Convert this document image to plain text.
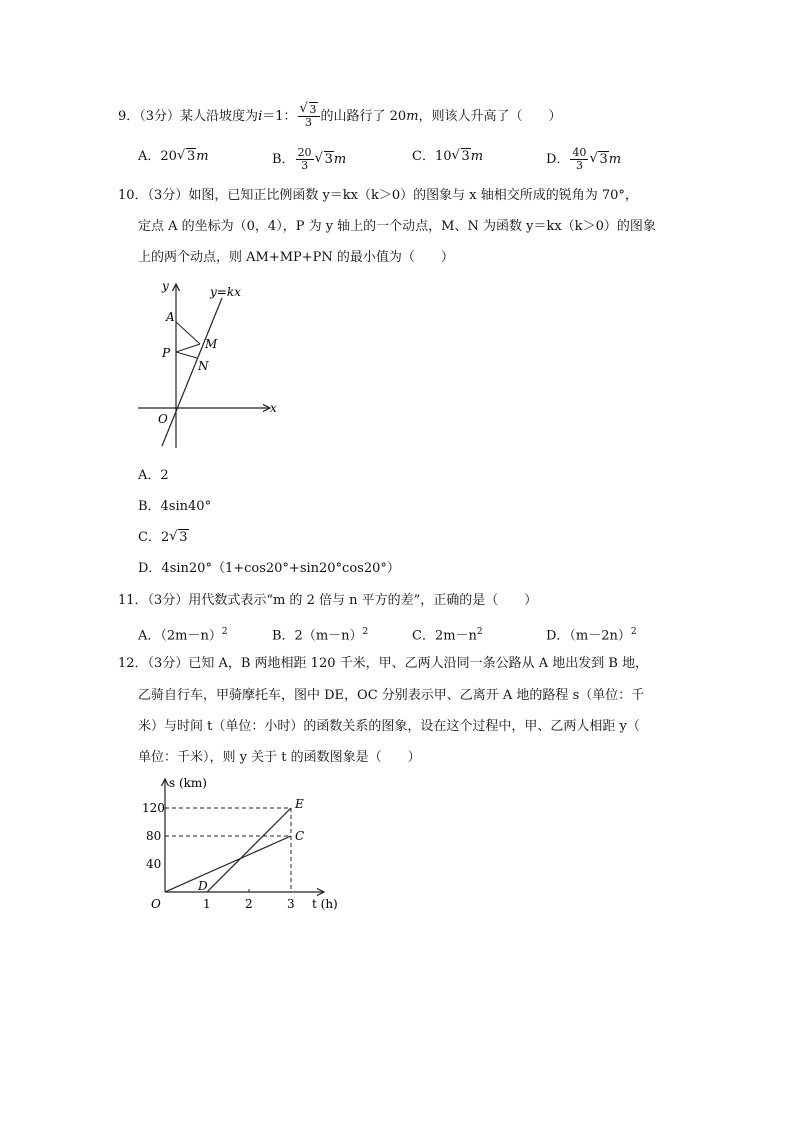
9．（3分）某人沿坡度为i＝1： √ $\frac{3}{3}$ 的山路行了 20m，则该人升高了（　　）
A．20 √ 3m	B． $\frac{20}{3}$ √ 3m	C．10 √ 3m	D． $\frac{40}{3}$ √ 3m
10．（3分）如图，已知正比例函数 y＝kx（k＞0）的图象与 x 轴相交所成的锐角为 70°，
定点 A 的坐标为（0，4），P 为 y 轴上的一个动点，M、N 为函数 y＝kx（k＞0）的图象
上的两个动点，则 AM+MP+PN 的最小值为（　　）
y	y=kx
A
P
M
N
x
O
A．2
B．4sin40°
C．2 √ 3
D．4sin20°（1+cos20°+sin20°cos20°）
11．（3分）用代数式表示“m 的 2 倍与 n 平方的差”，正确的是（　　）
A．$(2m-n)^2$	B．$2(m-n)^2$	C．$2m-n^2$	D．$(m-2n)^2$
12．（3分）已知 A，B 两地相距 120 千米，甲、乙两人沿同一条公路从 A 地出发到 B 地，
乙骑自行车，甲骑摩托车，图中 DE，OC 分别表示甲、乙离开 A 地的路程 s（单位：千
米）与时间 t（单位：小时）的函数关系的图象，设在这个过程中，甲、乙两人相距 y（
单位：千米），则 y 关于 t 的函数图象是（　　）
s (km)
120
80
40
1	2	3 t (h)
O
D
E
C
